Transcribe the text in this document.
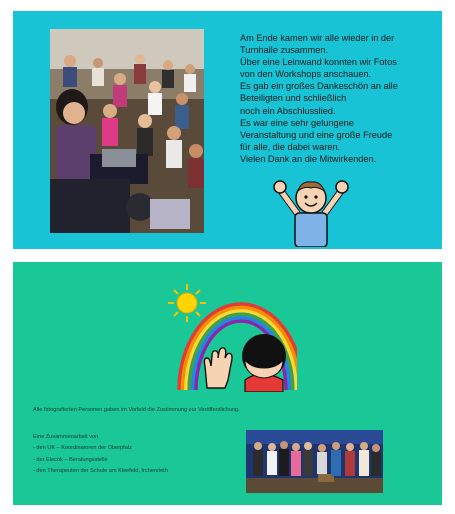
Am Ende kamen wir alle wieder in der
Turnhalle zusammen.
Über eine Leinwand konnten wir Fotos
von den Workshops anschauen.
Es gab ein großes Dankeschön an alle
Beteiligten und schließlich
noch ein Abschlusslied.
Es war eine sehr gelungene
Veranstaltung und eine große Freude
für alle, die dabei waren.
Vielen Dank an die Mitwirkenden.
Alle fotografierten Personen gaben im Vorfeld die Zustimmung zur Veröffentlichung.
Eine Zusammenarbeit von
- den UK – Koordinatoren der Oberpfalz
- der Elecok – Beratungsstelle
- den Therapeuten der Schule am Kleefeld, Irchenrieth
